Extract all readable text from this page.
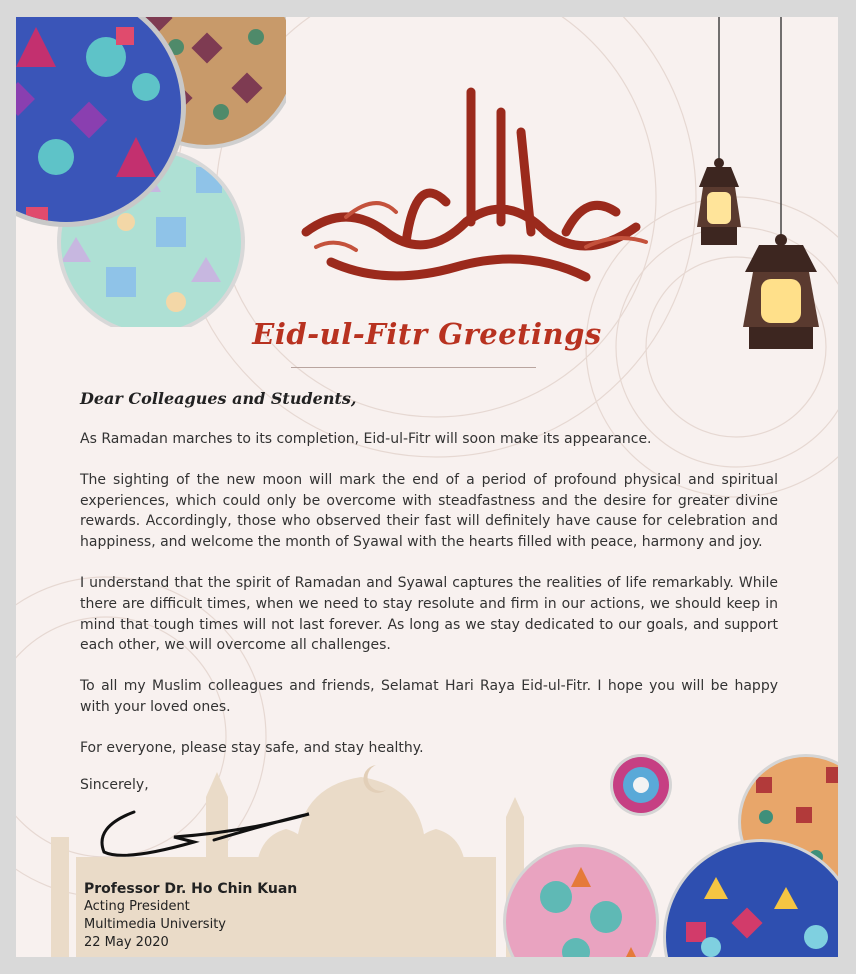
Eid-ul-Fitr Greetings
Dear Colleagues and Students,

As Ramadan marches to its completion, Eid-ul-Fitr will soon make its appearance.

The sighting of the new moon will mark the end of a period of profound physical and spiritual experiences, which could only be overcome with steadfastness and the desire for greater divine rewards. Accordingly, those who observed their fast will definitely have cause for celebration and happiness, and welcome the month of Syawal with the hearts filled with peace, harmony and joy.

I understand that the spirit of Ramadan and Syawal captures the realities of life remarkably. While there are difficult times, when we need to stay resolute and firm in our actions, we should keep in mind that tough times will not last forever. As long as we stay dedicated to our goals, and support each other, we will overcome all challenges.

To all my Muslim colleagues and friends, Selamat Hari Raya Eid-ul-Fitr. I hope you will be happy with your loved ones.

For everyone, please stay safe, and stay healthy.

Sincerely,
Professor Dr. Ho Chin Kuan
Acting President
Multimedia University
22 May 2020
